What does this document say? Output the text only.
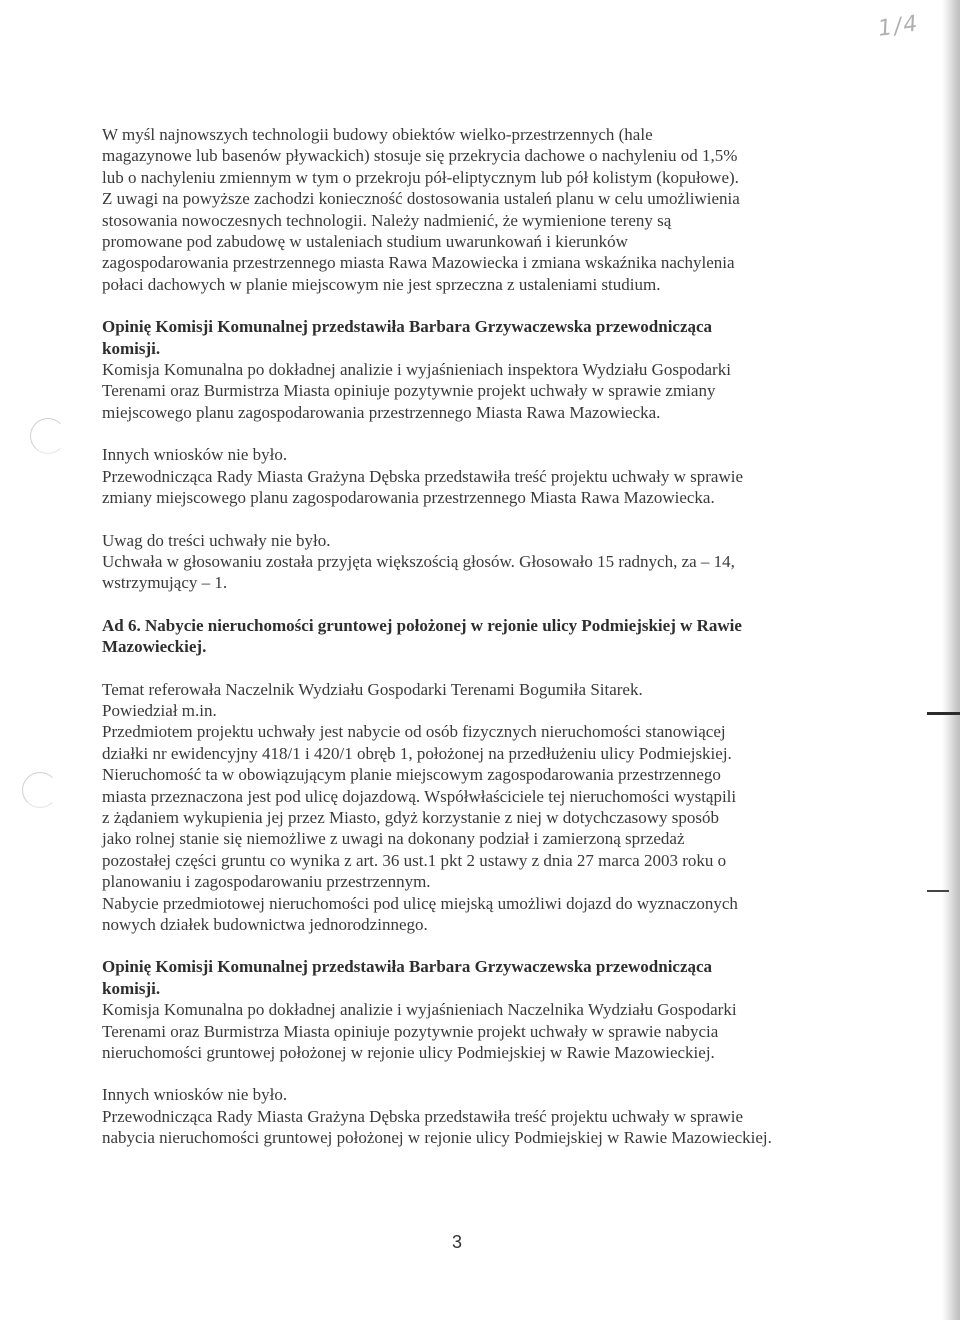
1/4

W myśl najnowszych technologii budowy obiektów wielko-przestrzennych (hale
magazynowe lub basenów pływackich) stosuje się przekrycia dachowe o nachyleniu od 1,5%
lub o nachyleniu zmiennym w tym o przekroju pół-eliptycznym lub pół kolistym (kopułowe).
Z uwagi na powyższe zachodzi konieczność dostosowania ustaleń planu w celu umożliwienia
stosowania nowoczesnych technologii. Należy nadmienić, że wymienione tereny są
promowane pod zabudowę w ustaleniach studium uwarunkowań i kierunków
zagospodarowania przestrzennego miasta Rawa Mazowiecka i zmiana wskaźnika nachylenia
połaci dachowych w planie miejscowym nie jest sprzeczna z ustaleniami studium.

Opinię Komisji Komunalnej przedstawiła Barbara Grzywaczewska przewodnicząca
komisji.

Komisja Komunalna po dokładnej analizie i wyjaśnieniach inspektora Wydziału Gospodarki
Terenami oraz Burmistrza Miasta opiniuje pozytywnie projekt uchwały w sprawie zmiany
miejscowego planu zagospodarowania przestrzennego Miasta Rawa Mazowiecka.

Innych wniosków nie było.
Przewodnicząca Rady Miasta Grażyna Dębska przedstawiła treść projektu uchwały w sprawie
zmiany miejscowego planu zagospodarowania przestrzennego Miasta Rawa Mazowiecka.

Uwag do treści uchwały nie było.
Uchwała w głosowaniu została przyjęta większością głosów. Głosowało 15 radnych, za – 14,
wstrzymujący – 1.

Ad 6. Nabycie nieruchomości gruntowej położonej w rejonie ulicy Podmiejskiej w Rawie
Mazowieckiej.

Temat referowała Naczelnik Wydziału Gospodarki Terenami Bogumiła Sitarek.
Powiedział m.in.
Przedmiotem projektu uchwały jest nabycie od osób fizycznych nieruchomości stanowiącej
działki nr ewidencyjny 418/1 i 420/1 obręb 1, położonej na przedłużeniu ulicy Podmiejskiej.
Nieruchomość ta w obowiązującym planie miejscowym zagospodarowania przestrzennego
miasta przeznaczona jest pod ulicę dojazdową. Współwłaściciele tej nieruchomości wystąpili
z żądaniem wykupienia jej przez Miasto, gdyż korzystanie z niej w dotychczasowy sposób
jako rolnej stanie się niemożliwe z uwagi na dokonany podział i zamierzoną sprzedaż
pozostałej części gruntu co wynika z art. 36 ust.1 pkt 2 ustawy z dnia 27 marca 2003 roku o
planowaniu i zagospodarowaniu przestrzennym.
Nabycie przedmiotowej nieruchomości pod ulicę miejską umożliwi dojazd do wyznaczonych
nowych działek budownictwa jednorodzinnego.

Opinię Komisji Komunalnej przedstawiła Barbara Grzywaczewska przewodnicząca
komisji.

Komisja Komunalna po dokładnej analizie i wyjaśnieniach Naczelnika Wydziału Gospodarki
Terenami oraz Burmistrza Miasta opiniuje pozytywnie projekt uchwały w sprawie nabycia
nieruchomości gruntowej położonej w rejonie ulicy Podmiejskiej w Rawie Mazowieckiej.

Innych wniosków nie było.
Przewodnicząca Rady Miasta Grażyna Dębska przedstawiła treść projektu uchwały w sprawie
nabycia nieruchomości gruntowej położonej w rejonie ulicy Podmiejskiej w Rawie Mazowieckiej.

3
